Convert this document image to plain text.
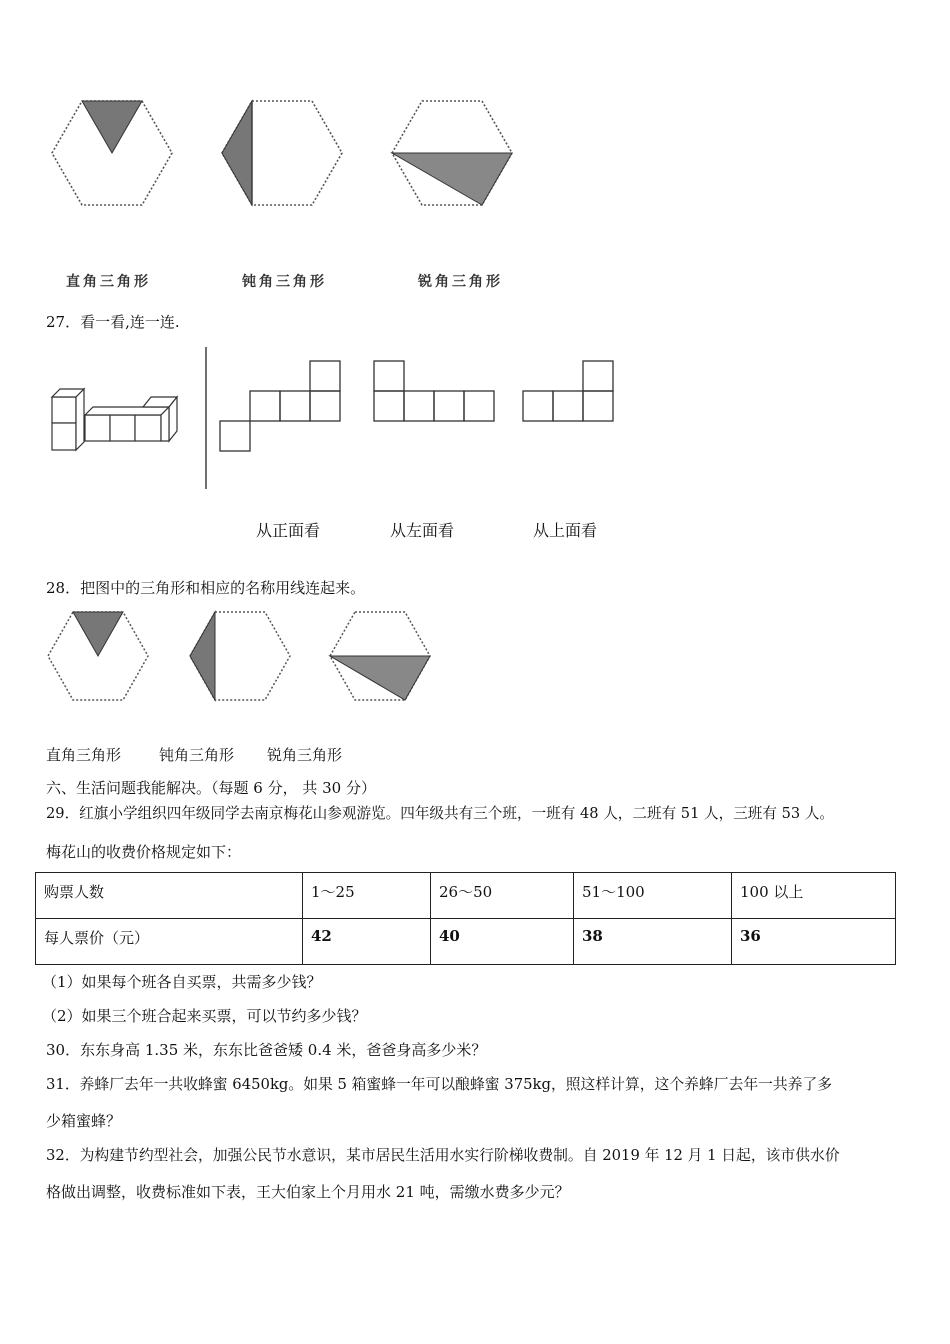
直角三角形	钝角三角形	锐角三角形
27．看一看,连一连.
从正面看	从左面看	从上面看
28．把图中的三角形和相应的名称用线连起来。
直角三角形	钝角三角形 锐角三角形
六、生活问题我能解决。（每题 6 分， 共 30 分）
29．红旗小学组织四年级同学去南京梅花山参观游览。四年级共有三个班，一班有 48 人，二班有 51 人，三班有 53 人。
梅花山的收费价格规定如下：
购票人数	1～25	26～50	51～100	100 以上
每人票价（元）	42	40	38	36
（1）如果每个班各自买票，共需多少钱？
（2）如果三个班合起来买票，可以节约多少钱？
30．东东身高 1.35 米，东东比爸爸矮 0.4 米，爸爸身高多少米？
31．养蜂厂去年一共收蜂蜜 6450kg。如果 5 箱蜜蜂一年可以酿蜂蜜 375kg，照这样计算，这个养蜂厂去年一共养了多
少箱蜜蜂？
32．为构建节约型社会，加强公民节水意识，某市居民生活用水实行阶梯收费制。自 2019 年 12 月 1 日起，该市供水价
格做出调整，收费标准如下表，王大伯家上个月用水 21 吨，需缴水费多少元？
